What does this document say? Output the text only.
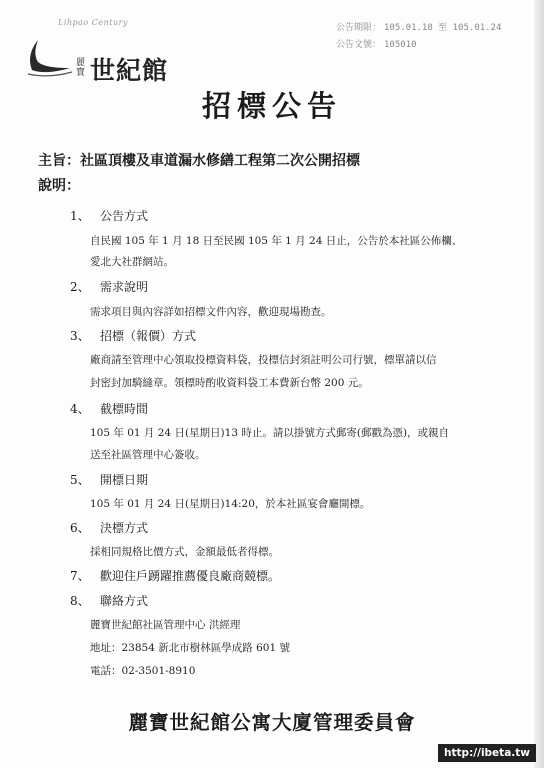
Lihpao Century
麗寶 世紀館
公告期限： 105.01.18 至 105.01.24
公告文號： 105010
招標公告
主旨：社區頂樓及車道漏水修繕工程第二次公開招標
說明：
1、 公告方式
自民國 105 年 1 月 18 日至民國 105 年 1 月 24 日止，公告於本社區公佈欄、
愛北大社群網站。
2、 需求說明
需求項目與內容詳如招標文件內容，歡迎現場勘查。
3、 招標（報價）方式
廠商請至管理中心領取投標資料袋，投標信封須註明公司行號，標單請以信
封密封加騎縫章。領標時酌收資料袋工本費新台幣 200 元。
4、 截標時間
105 年 01 月 24 日(星期日)13 時止。請以掛號方式郵寄(郵戳為憑)，或親自
送至社區管理中心簽收。
5、 開標日期
105 年 01 月 24 日(星期日)14:20，於本社區宴會廳開標。
6、 決標方式
採相同規格比價方式，金額最低者得標。
7、 歡迎住戶踴躍推薦優良廠商競標。
8、 聯絡方式
麗寶世紀館社區管理中心 洪經理
地址：23854 新北市樹林區學成路 601 號
電話：02-3501-8910
麗寶世紀館公寓大廈管理委員會
http://ibeta.tw
